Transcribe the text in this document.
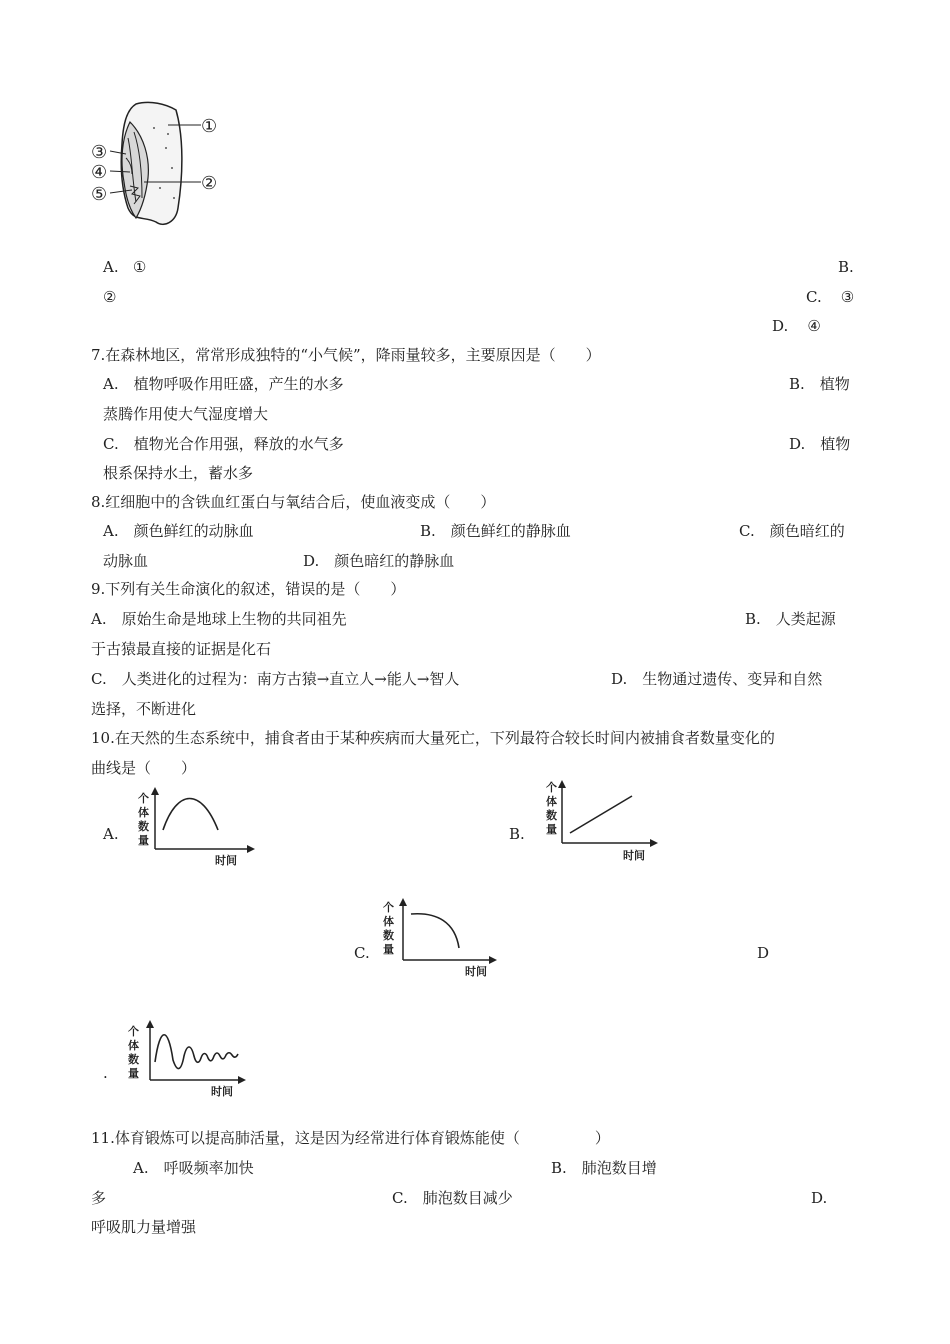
①
②
③
④
⑤
A. ①	B.
②	C. ③
D. ④
7.在森林地区，常常形成独特的“小气候”，降雨量较多，主要原因是（　　）
A.　植物呼吸作用旺盛，产生的水多	B.　植物
蒸腾作用使大气湿度增大
C.　植物光合作用强，释放的水气多	D.　植物
根系保持水土，蓄水多
8.红细胞中的含铁血红蛋白与氧结合后，使血液变成（　　）
A.　颜色鲜红的动脉血	B.　颜色鲜红的静脉血	C.　颜色暗红的
动脉血	D.　颜色暗红的静脉血
9.下列有关生命演化的叙述，错误的是（　　）
A.　原始生命是地球上生物的共同祖先	B.　人类起源
于古猿最直接的证据是化石
C.　人类进化的过程为：南方古猿→直立人→能人→智人	D.　生物通过遗传、变异和自然
选择，不断进化
10.在天然的生态系统中，捕食者由于某种疾病而大量死亡，下列最符合较长时间内被捕食者数量变化的
曲线是（　　）
A.	B.
C.	D
.
个
体
数
量
时间
个
体
数
量
时间
个
体
数
量
时间
个
体
数
量
时间
11.体育锻炼可以提高肺活量，这是因为经常进行体育锻炼能使（　　　　　）
A.　呼吸频率加快	B.　肺泡数目增
多	C.　肺泡数目减少	D.
呼吸肌力量增强
